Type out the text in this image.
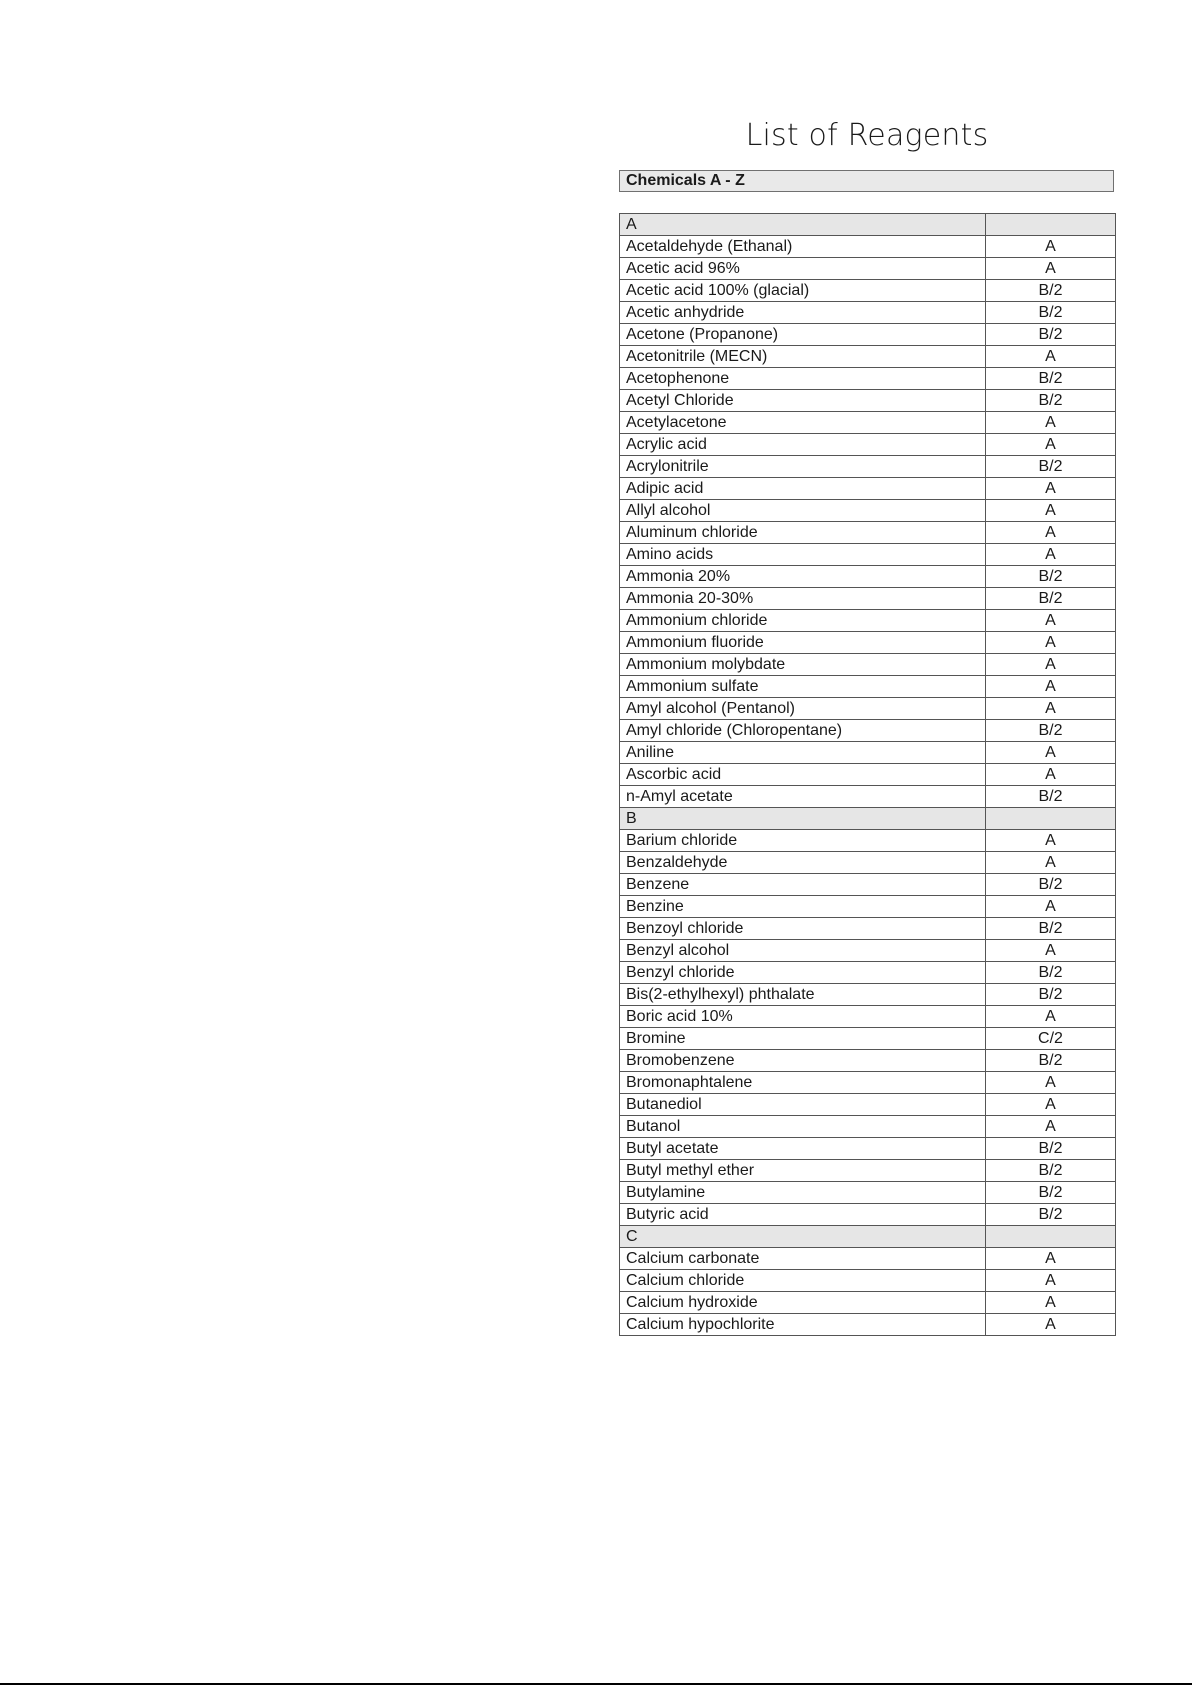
List of Reagents
Chemicals A - Z
A	
Acetaldehyde (Ethanal)	A
Acetic acid 96%	A
Acetic acid 100% (glacial)	B/2
Acetic anhydride	B/2
Acetone (Propanone)	B/2
Acetonitrile (MECN)	A
Acetophenone	B/2
Acetyl Chloride	B/2
Acetylacetone	A
Acrylic acid	A
Acrylonitrile	B/2
Adipic acid	A
Allyl alcohol	A
Aluminum chloride	A
Amino acids	A
Ammonia 20%	B/2
Ammonia 20-30%	B/2
Ammonium chloride	A
Ammonium fluoride	A
Ammonium molybdate	A
Ammonium sulfate	A
Amyl alcohol (Pentanol)	A
Amyl chloride (Chloropentane)	B/2
Aniline	A
Ascorbic acid	A
n-Amyl acetate	B/2
B	
Barium chloride	A
Benzaldehyde	A
Benzene	B/2
Benzine	A
Benzoyl chloride	B/2
Benzyl alcohol	A
Benzyl chloride	B/2
Bis(2-ethylhexyl) phthalate	B/2
Boric acid 10%	A
Bromine	C/2
Bromobenzene	B/2
Bromonaphtalene	A
Butanediol	A
Butanol	A
Butyl acetate	B/2
Butyl methyl ether	B/2
Butylamine	B/2
Butyric acid	B/2
C	
Calcium carbonate	A
Calcium chloride	A
Calcium hydroxide	A
Calcium hypochlorite	A
